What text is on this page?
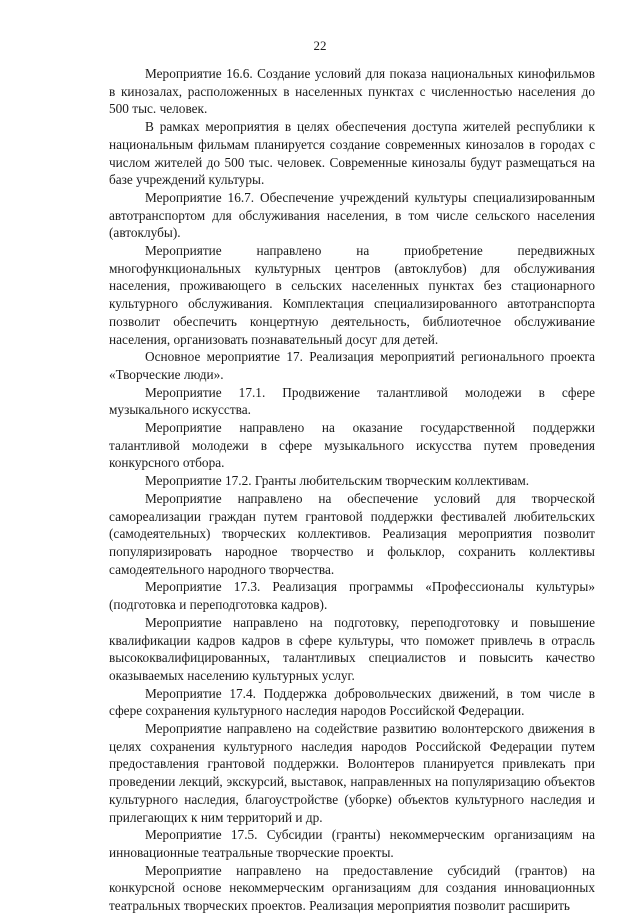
22

Мероприятие 16.6. Создание условий для показа национальных кинофильмов в кинозалах, расположенных в населенных пунктах с численностью населения до 500 тыс. человек.

В рамках мероприятия в целях обеспечения доступа жителей республики к национальным фильмам планируется создание современных кинозалов в городах с числом жителей до 500 тыс. человек. Современные кинозалы будут размещаться на базе учреждений культуры.

Мероприятие 16.7. Обеспечение учреждений культуры специализированным автотранспортом для обслуживания населения, в том числе сельского населения (автоклубы).

Мероприятие направлено на приобретение передвижных многофункциональных культурных центров (автоклубов) для обслуживания населения, проживающего в сельских населенных пунктах без стационарного культурного обслуживания. Комплектация специализированного автотранспорта позволит обеспечить концертную деятельность, библиотечное обслуживание населения, организовать познавательный досуг для детей.

Основное мероприятие 17. Реализация мероприятий регионального проекта «Творческие люди».

Мероприятие 17.1. Продвижение талантливой молодежи в сфере музыкального искусства.

Мероприятие направлено на оказание государственной поддержки талантливой молодежи в сфере музыкального искусства путем проведения конкурсного отбора.

Мероприятие 17.2. Гранты любительским творческим коллективам.

Мероприятие направлено на обеспечение условий для творческой самореализации граждан путем грантовой поддержки фестивалей любительских (самодеятельных) творческих коллективов. Реализация мероприятия позволит популяризировать народное творчество и фольклор, сохранить коллективы самодеятельного народного творчества.

Мероприятие 17.3. Реализация программы «Профессионалы культуры» (подготовка и переподготовка кадров).

Мероприятие направлено на подготовку, переподготовку и повышение квалификации кадров кадров в сфере культуры, что поможет привлечь в отрасль высококвалифицированных, талантливых специалистов и повысить качество оказываемых населению культурных услуг.

Мероприятие 17.4. Поддержка добровольческих движений, в том числе в сфере сохранения культурного наследия народов Российской Федерации.

Мероприятие направлено на содействие развитию волонтерского движения в целях сохранения культурного наследия народов Российской Федерации путем предоставления грантовой поддержки. Волонтеров планируется привлекать при проведении лекций, экскурсий, выставок, направленных на популяризацию объектов культурного наследия, благоустройстве (уборке) объектов культурного наследия и прилегающих к ним территорий и др.

Мероприятие 17.5. Субсидии (гранты) некоммерческим организациям на инновационные театральные творческие проекты.

Мероприятие направлено на предоставление субсидий (грантов) на конкурсной основе некоммерческим организациям для создания инновационных театральных творческих проектов. Реализация мероприятия позволит расширить
